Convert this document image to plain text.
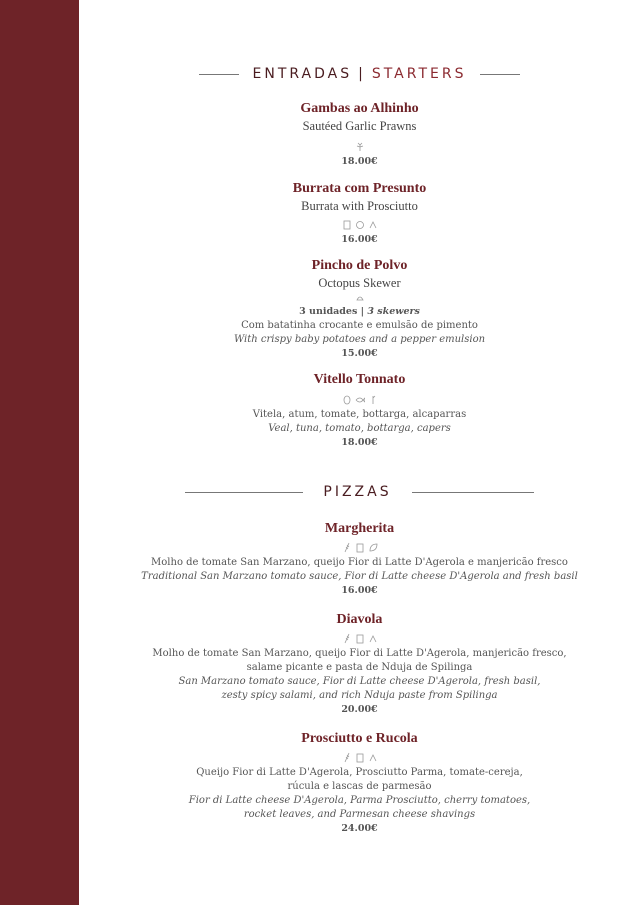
ENTRADAS | STARTERS
Gambas ao Alhinho
Sautéed Garlic Prawns
18.00€
Burrata com Presunto
Burrata with Prosciutto
16.00€
Pincho de Polvo
Octopus Skewer
3 unidades | 3 skewers
Com batatinha crocante e emulsão de pimento
With crispy baby potatoes and a pepper emulsion
15.00€
Vitello Tonnato
Vitela, atum, tomate, bottarga, alcaparras
Veal, tuna, tomato, bottarga, capers
18.00€
PIZZAS
Margherita
Molho de tomate San Marzano, queijo Fior di Latte D'Agerola e manjericão fresco
Traditional San Marzano tomato sauce, Fior di Latte cheese D'Agerola and fresh basil
16.00€
Diavola
Molho de tomate San Marzano, queijo Fior di Latte D'Agerola, manjericão fresco,
salame picante e pasta de Nduja de Spilinga
San Marzano tomato sauce, Fior di Latte cheese D'Agerola, fresh basil,
zesty spicy salami, and rich Nduja paste from Spilinga
20.00€
Prosciutto e Rucola
Queijo Fior di Latte D'Agerola, Prosciutto Parma, tomate-cereja,
rúcula e lascas de parmesão
Fior di Latte cheese D'Agerola, Parma Prosciutto, cherry tomatoes,
rocket leaves, and Parmesan cheese shavings
24.00€
